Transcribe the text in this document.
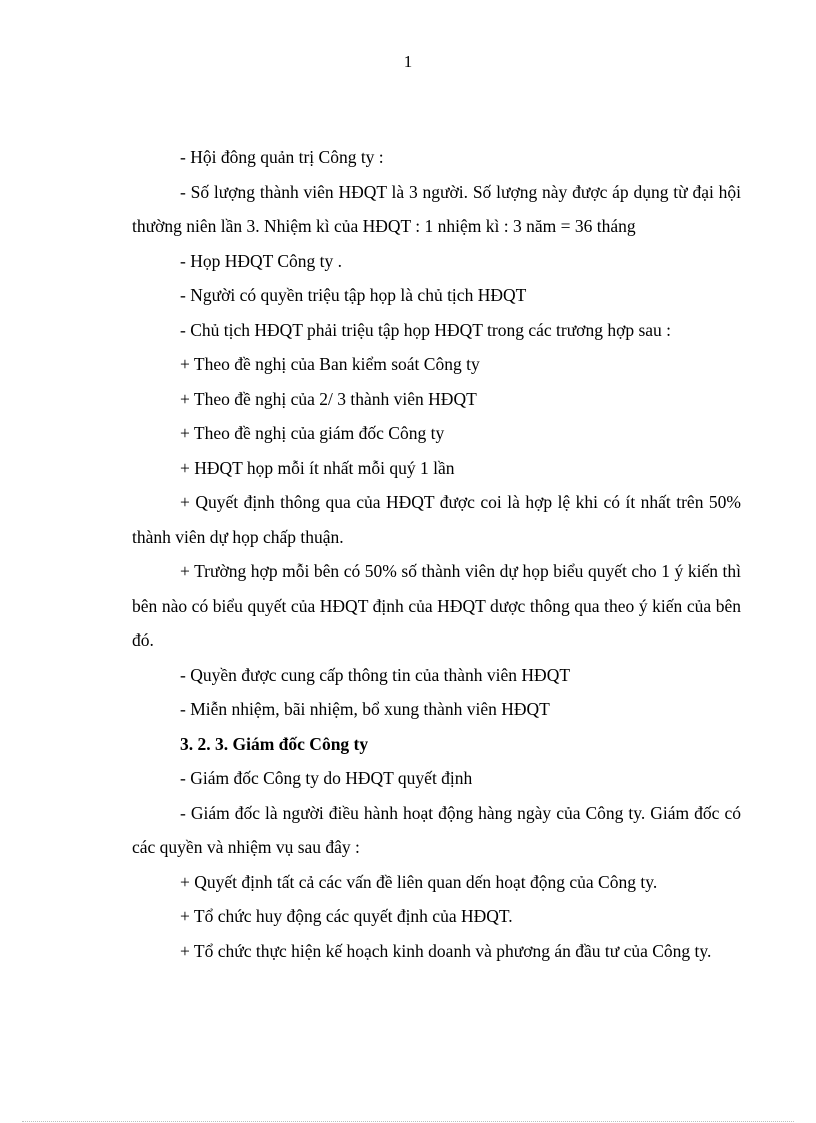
1

- Hội đông quản trị Công ty :

- Số lượng thành viên HĐQT là 3 người. Số lượng này được áp dụng từ đại hội thường niên lần 3. Nhiệm kì của HĐQT : 1 nhiệm kì : 3 năm = 36 tháng

- Họp HĐQT Công ty .

- Người có quyền triệu tập họp là chủ tịch HĐQT

- Chủ tịch HĐQT phải triệu tập họp HĐQT trong các trương hợp sau :

+ Theo đề nghị của Ban kiểm soát Công ty

+ Theo đề nghị của 2/ 3 thành viên HĐQT

+ Theo đề nghị của giám đốc Công ty

+ HĐQT họp mỗi ít nhất mỗi quý 1 lần

+ Quyết định thông qua của HĐQT được coi là hợp lệ khi có ít nhất trên 50% thành viên dự họp chấp thuận.

+ Trường hợp mỗi bên có 50% số thành viên dự họp biểu quyết cho 1 ý kiến thì bên nào có biểu quyết của HĐQT định của HĐQT dược thông qua theo ý kiến của bên đó.

- Quyền được cung cấp thông tin của thành viên HĐQT

- Miễn nhiệm, bãi nhiệm, bổ xung thành viên HĐQT

3. 2. 3. Giám đốc Công ty

- Giám đốc Công ty do HĐQT quyết định

- Giám đốc là người điều hành hoạt động hàng ngày của Công ty. Giám đốc có các quyền và nhiệm vụ sau đây :

+ Quyết định tất cả các vấn đề liên quan dến hoạt động của Công ty.

+ Tổ chức huy động các quyết định của HĐQT.

+ Tổ chức thực hiện kế hoạch kinh doanh và phương án đầu tư của Công ty.
